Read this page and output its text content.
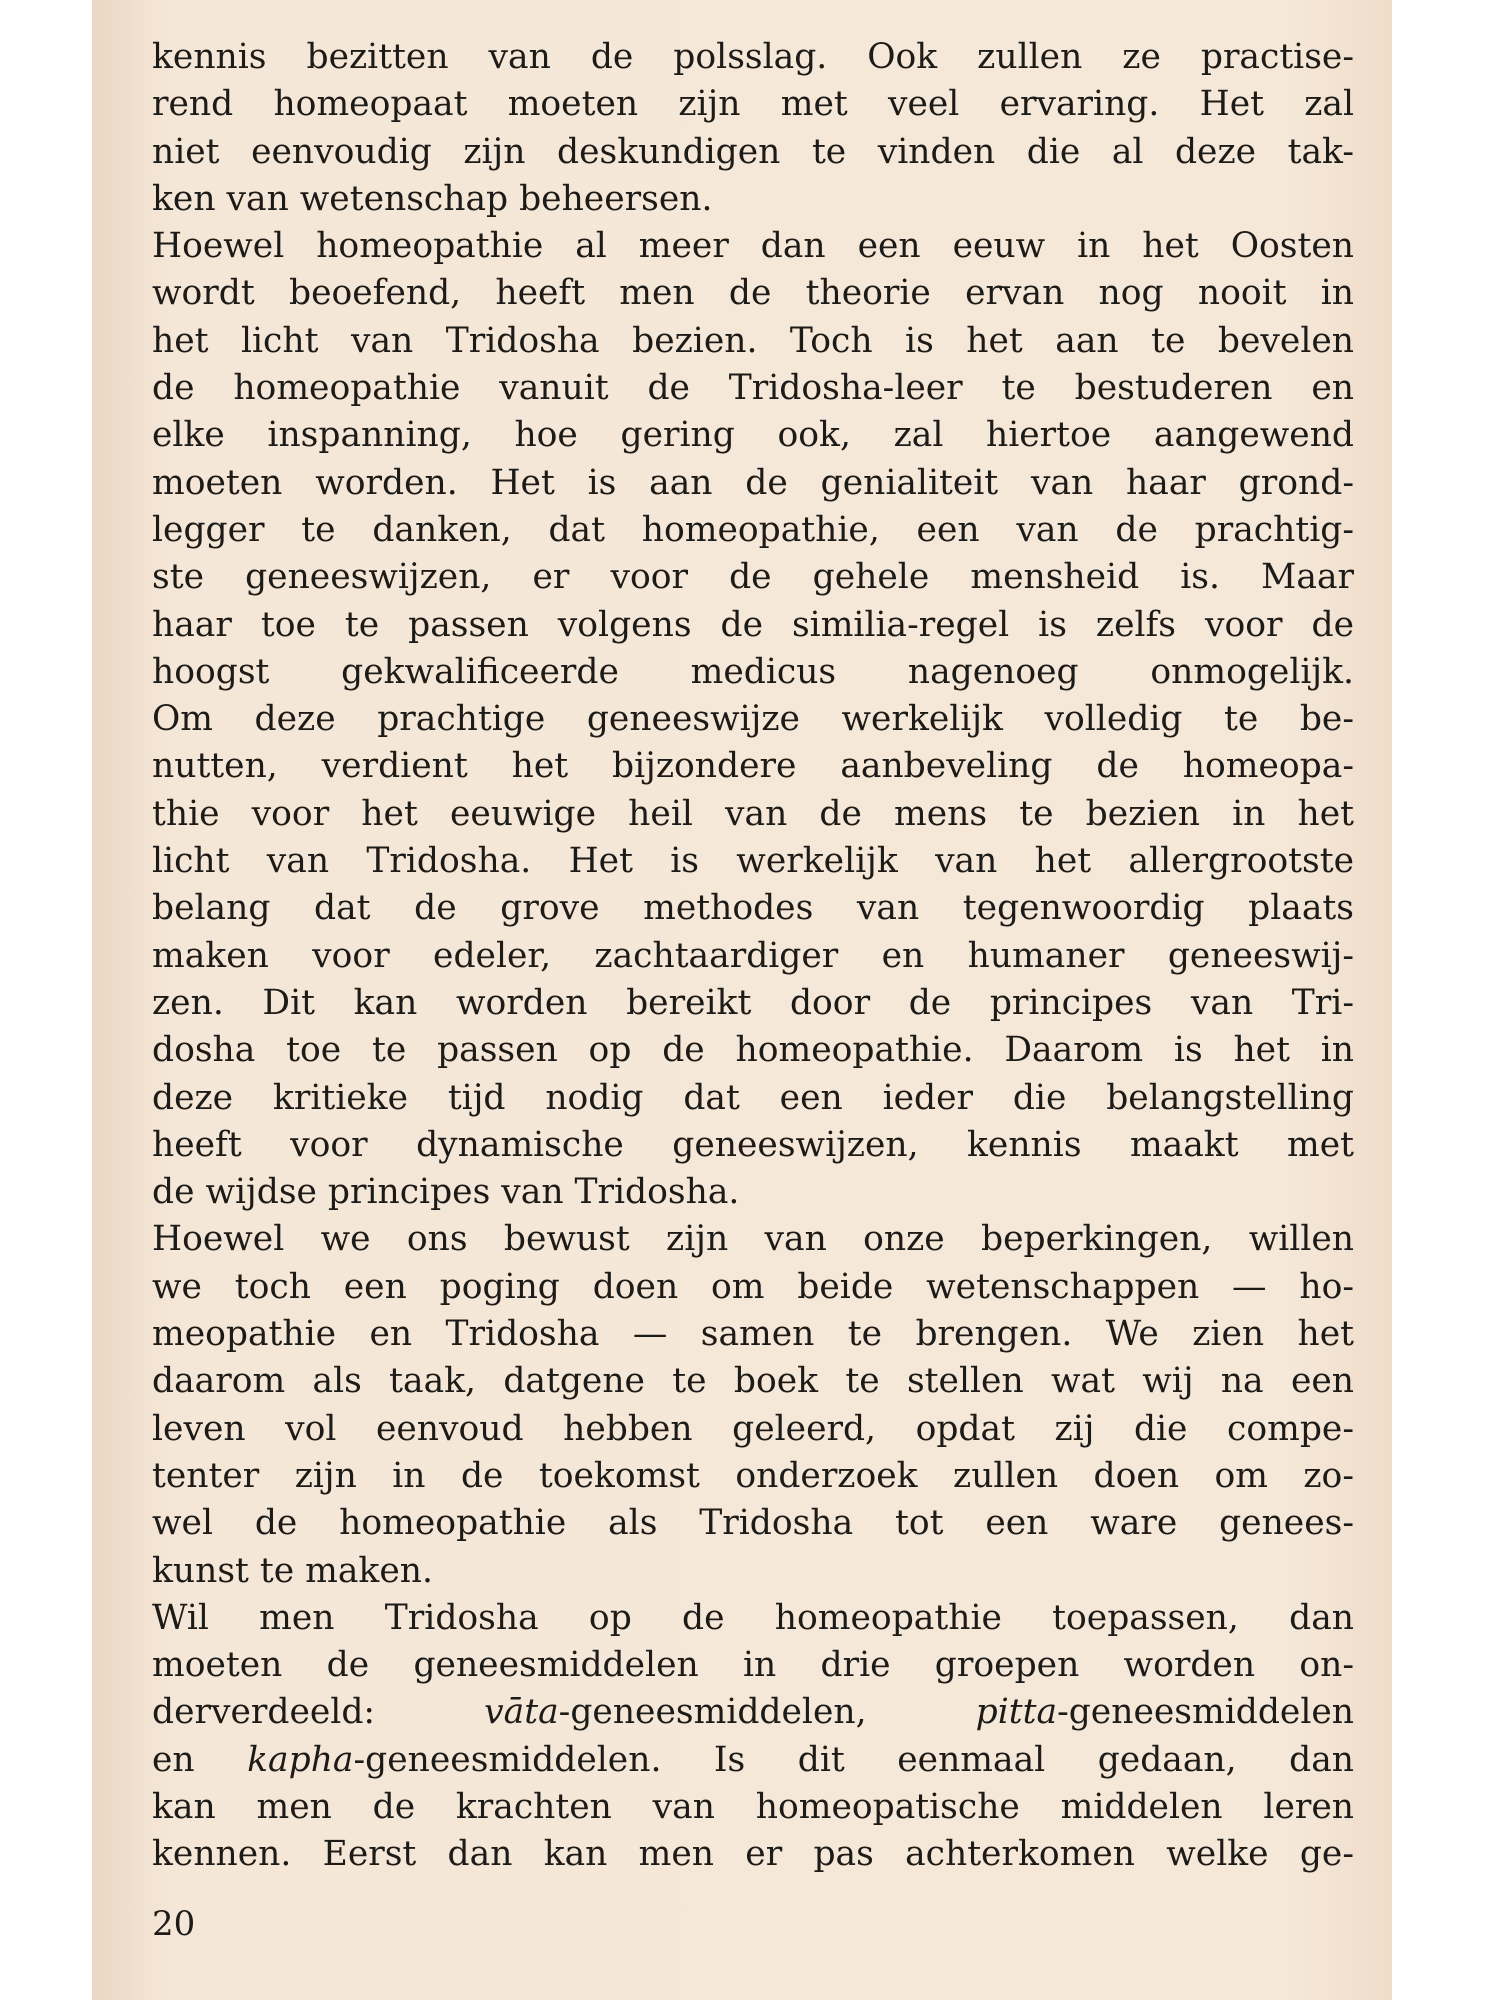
kennis bezitten van de polsslag. Ook zullen ze practise-
rend homeopaat moeten zijn met veel ervaring. Het zal
niet eenvoudig zijn deskundigen te vinden die al deze tak-
ken van wetenschap beheersen.
Hoewel homeopathie al meer dan een eeuw in het Oosten
wordt beoefend, heeft men de theorie ervan nog nooit in
het licht van Tridosha bezien. Toch is het aan te bevelen
de homeopathie vanuit de Tridosha-leer te bestuderen en
elke inspanning, hoe gering ook, zal hiertoe aangewend
moeten worden. Het is aan de genialiteit van haar grond-
legger te danken, dat homeopathie, een van de prachtig-
ste geneeswijzen, er voor de gehele mensheid is. Maar
haar toe te passen volgens de similia-regel is zelfs voor de
hoogst gekwalificeerde medicus nagenoeg onmogelijk.
Om deze prachtige geneeswijze werkelijk volledig te be-
nutten, verdient het bijzondere aanbeveling de homeopa-
thie voor het eeuwige heil van de mens te bezien in het
licht van Tridosha. Het is werkelijk van het allergrootste
belang dat de grove methodes van tegenwoordig plaats
maken voor edeler, zachtaardiger en humaner geneeswij-
zen. Dit kan worden bereikt door de principes van Tri-
dosha toe te passen op de homeopathie. Daarom is het in
deze kritieke tijd nodig dat een ieder die belangstelling
heeft voor dynamische geneeswijzen, kennis maakt met
de wijdse principes van Tridosha.
Hoewel we ons bewust zijn van onze beperkingen, willen
we toch een poging doen om beide wetenschappen — ho-
meopathie en Tridosha — samen te brengen. We zien het
daarom als taak, datgene te boek te stellen wat wij na een
leven vol eenvoud hebben geleerd, opdat zij die compe-
tenter zijn in de toekomst onderzoek zullen doen om zo-
wel de homeopathie als Tridosha tot een ware genees-
kunst te maken.
Wil men Tridosha op de homeopathie toepassen, dan
moeten de geneesmiddelen in drie groepen worden on-
derverdeeld: vāta-geneesmiddelen, pitta-geneesmiddelen
en kapha-geneesmiddelen. Is dit eenmaal gedaan, dan
kan men de krachten van homeopatische middelen leren
kennen. Eerst dan kan men er pas achterkomen welke ge-
20
